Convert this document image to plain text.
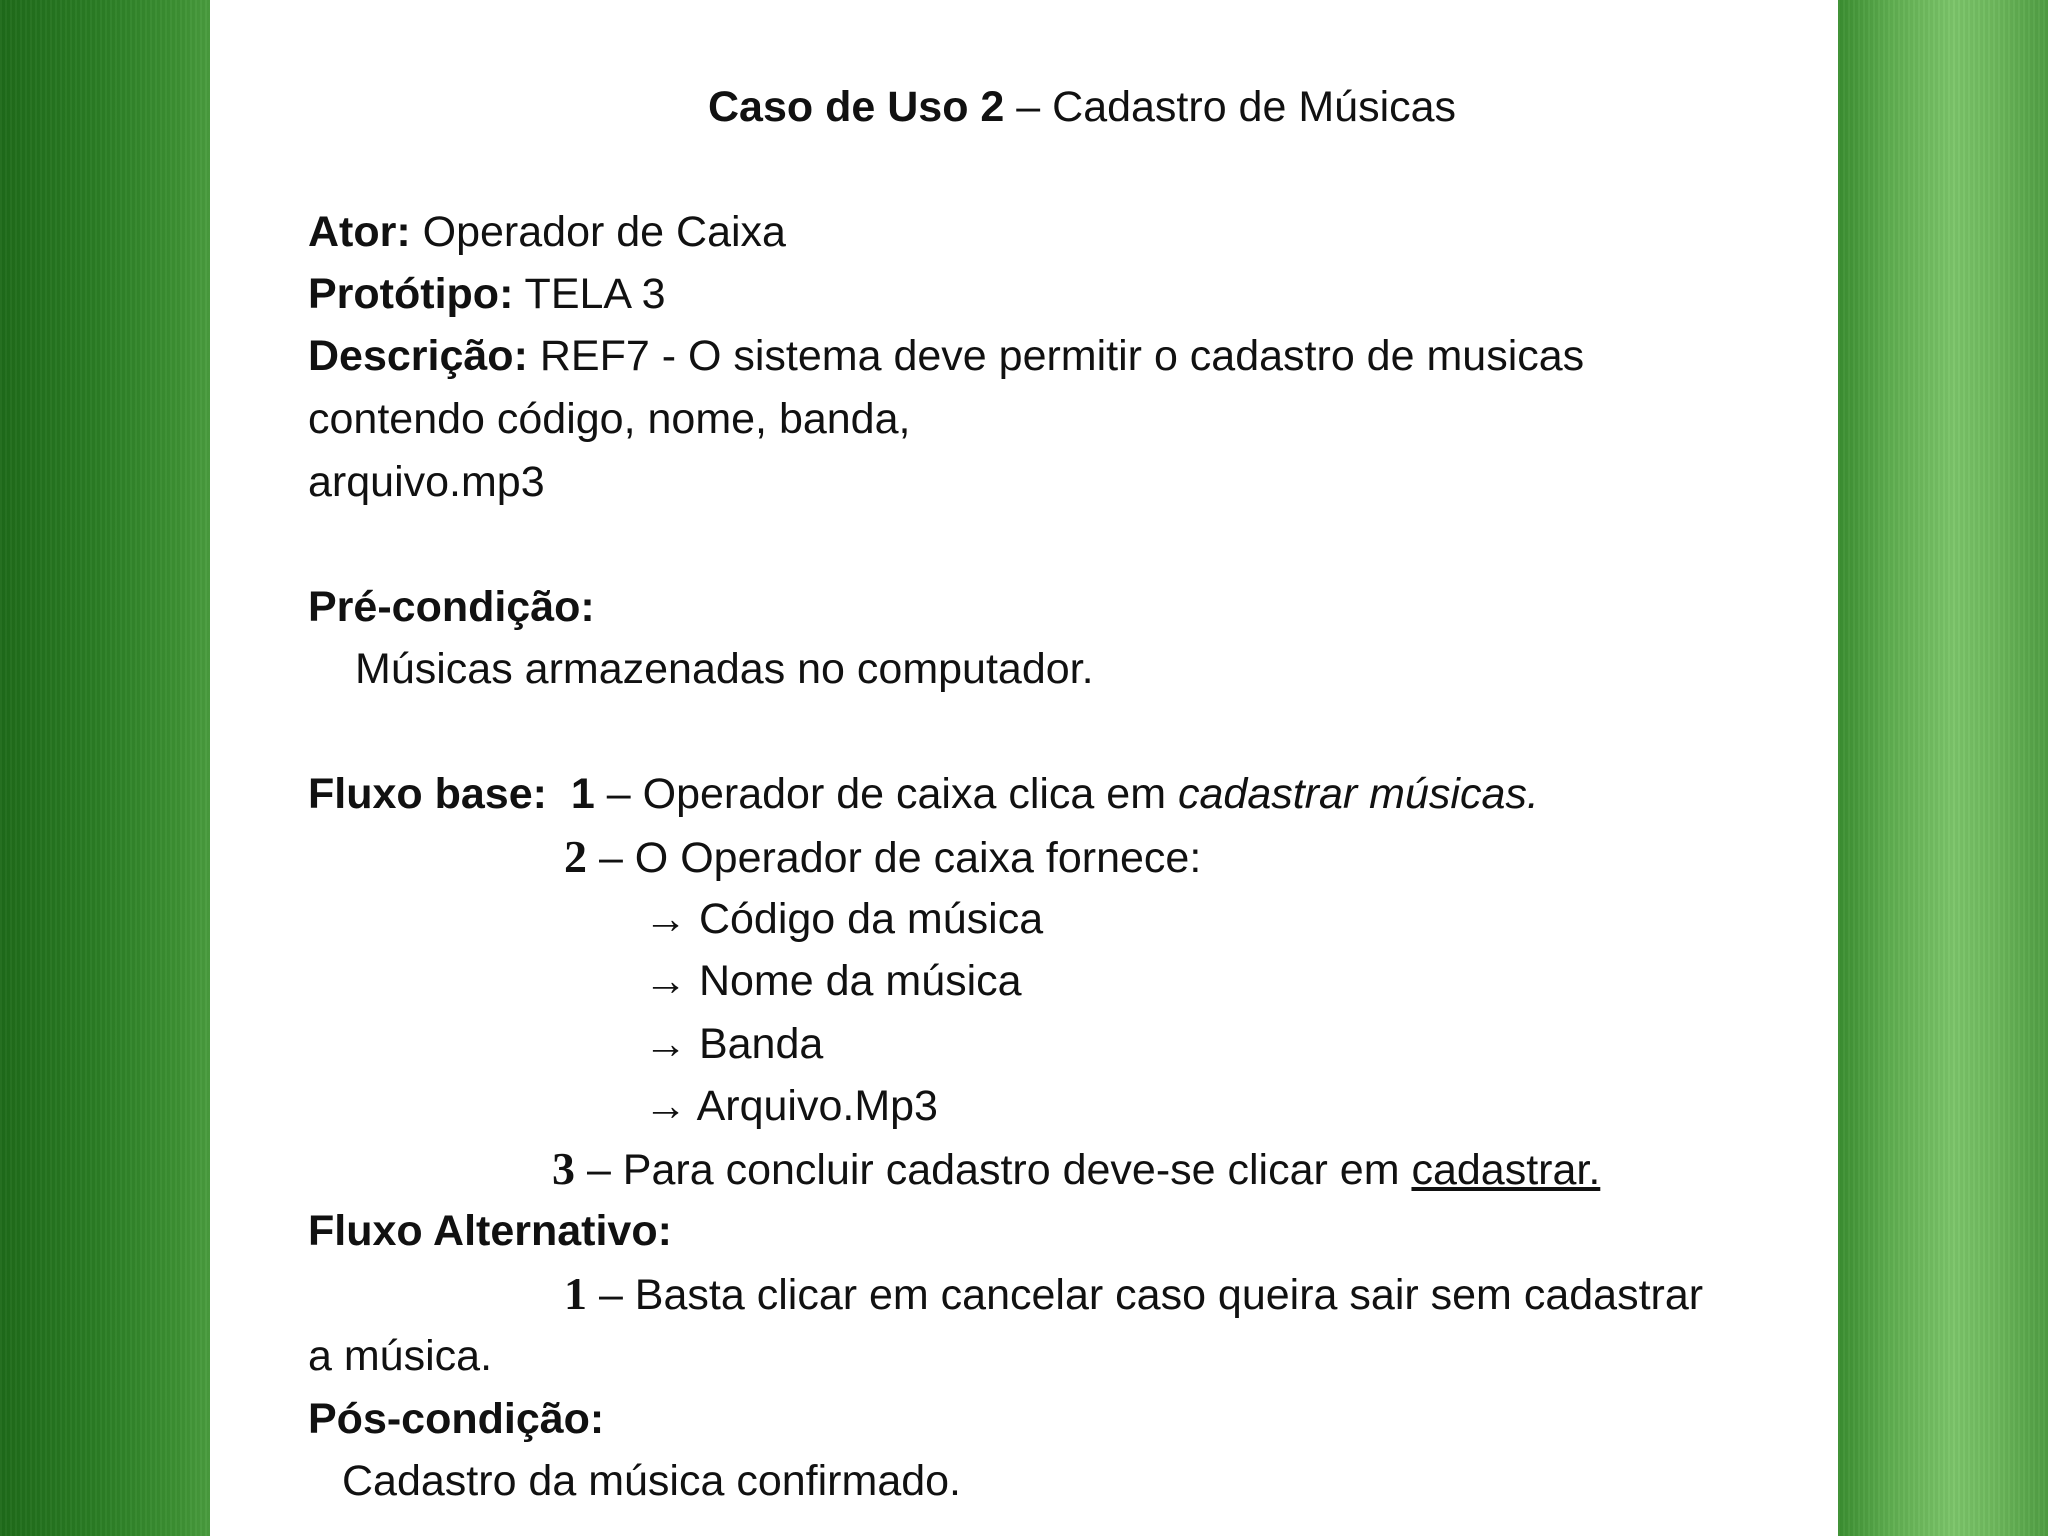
Caso de Uso 2 – Cadastro de Músicas
Ator: Operador de Caixa
Protótipo: TELA 3
Descrição: REF7 - O sistema deve permitir o cadastro de musicas
contendo código, nome, banda,
arquivo.mp3
Pré-condição:
Músicas armazenadas no computador.
Fluxo base: 1 – Operador de caixa clica em cadastrar músicas.
2 – O Operador de caixa fornece:
→ Código da música
→ Nome da música
→ Banda
→ Arquivo.Mp3
3 – Para concluir cadastro deve-se clicar em cadastrar.
Fluxo Alternativo:
1 – Basta clicar em cancelar caso queira sair sem cadastrar
a música.
Pós-condição:
Cadastro da música confirmado.
